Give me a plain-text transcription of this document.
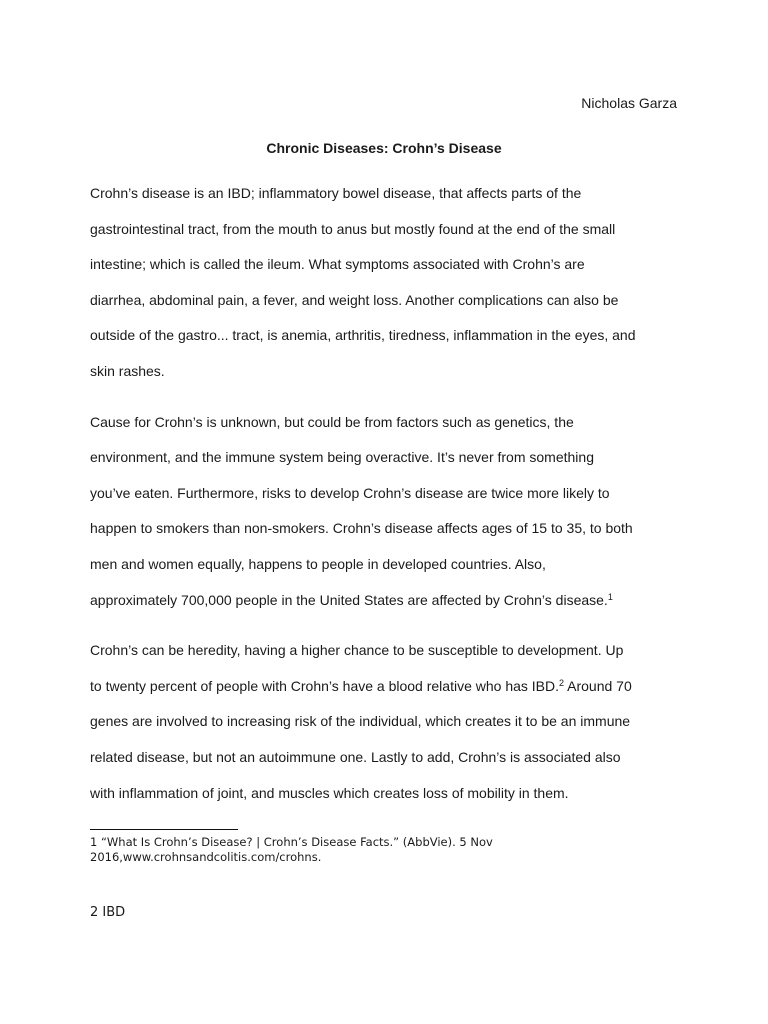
Nicholas Garza
Chronic Diseases: Crohn’s Disease

Crohn’s disease is an IBD; inflammatory bowel disease, that affects parts of the
gastrointestinal tract, from the mouth to anus but mostly found at the end of the small
intestine; which is called the ileum. What symptoms associated with Crohn’s are
diarrhea, abdominal pain, a fever, and weight loss. Another complications can also be
outside of the gastro... tract, is anemia, arthritis, tiredness, inflammation in the eyes, and
skin rashes.

Cause for Crohn’s is unknown, but could be from factors such as genetics, the
environment, and the immune system being overactive. It’s never from something
you’ve eaten. Furthermore, risks to develop Crohn’s disease are twice more likely to
happen to smokers than non-smokers. Crohn’s disease affects ages of 15 to 35, to both
men and women equally, happens to people in developed countries. Also,
approximately 700,000 people in the United States are affected by Crohn’s disease.$^1$

Crohn’s can be heredity, having a higher chance to be susceptible to development. Up
to twenty percent of people with Crohn’s have a blood relative who has IBD.$^2$ Around 70
genes are involved to increasing risk of the individual, which creates it to be an immune
related disease, but not an autoimmune one. Lastly to add, Crohn’s is associated also
with inflammation of joint, and muscles which creates loss of mobility in them.

1 “What Is Crohn’s Disease? | Crohn’s Disease Facts.” (AbbVie). 5 Nov
2016,www.crohnsandcolitis.com/crohns.
2 IBD
